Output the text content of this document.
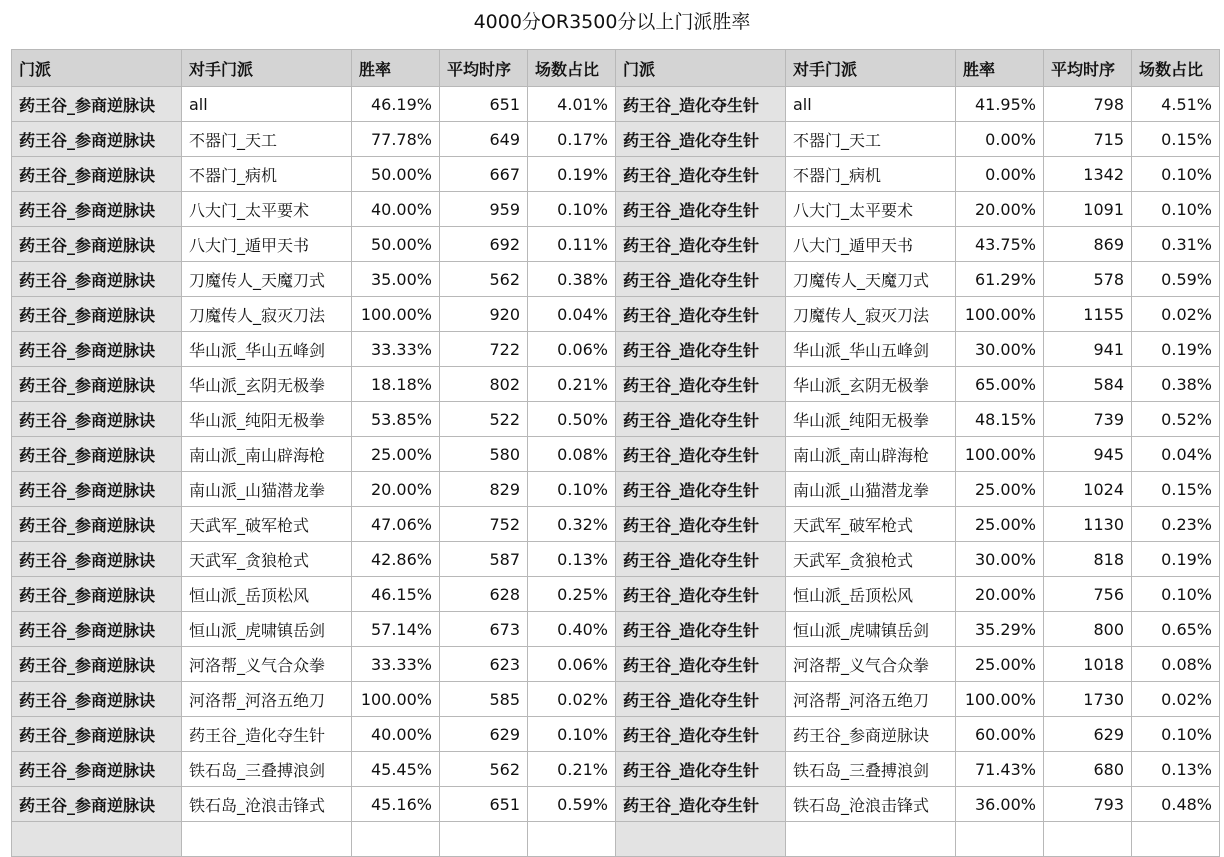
4000分OR3500分以上门派胜率
门派	对手门派	胜率	平均时序	场数占比	门派	对手门派	胜率	平均时序	场数占比
药王谷_参商逆脉诀	all	46.19%	651	4.01%	药王谷_造化夺生针	all	41.95%	798	4.51%
药王谷_参商逆脉诀	不器门_天工	77.78%	649	0.17%	药王谷_造化夺生针	不器门_天工	0.00%	715	0.15%
药王谷_参商逆脉诀	不器门_病机	50.00%	667	0.19%	药王谷_造化夺生针	不器门_病机	0.00%	1342	0.10%
药王谷_参商逆脉诀	八大门_太平要术	40.00%	959	0.10%	药王谷_造化夺生针	八大门_太平要术	20.00%	1091	0.10%
药王谷_参商逆脉诀	八大门_遁甲天书	50.00%	692	0.11%	药王谷_造化夺生针	八大门_遁甲天书	43.75%	869	0.31%
药王谷_参商逆脉诀	刀魔传人_天魔刀式	35.00%	562	0.38%	药王谷_造化夺生针	刀魔传人_天魔刀式	61.29%	578	0.59%
药王谷_参商逆脉诀	刀魔传人_寂灭刀法	100.00%	920	0.04%	药王谷_造化夺生针	刀魔传人_寂灭刀法	100.00%	1155	0.02%
药王谷_参商逆脉诀	华山派_华山五峰剑	33.33%	722	0.06%	药王谷_造化夺生针	华山派_华山五峰剑	30.00%	941	0.19%
药王谷_参商逆脉诀	华山派_玄阴无极拳	18.18%	802	0.21%	药王谷_造化夺生针	华山派_玄阴无极拳	65.00%	584	0.38%
药王谷_参商逆脉诀	华山派_纯阳无极拳	53.85%	522	0.50%	药王谷_造化夺生针	华山派_纯阳无极拳	48.15%	739	0.52%
药王谷_参商逆脉诀	南山派_南山辟海枪	25.00%	580	0.08%	药王谷_造化夺生针	南山派_南山辟海枪	100.00%	945	0.04%
药王谷_参商逆脉诀	南山派_山猫潜龙拳	20.00%	829	0.10%	药王谷_造化夺生针	南山派_山猫潜龙拳	25.00%	1024	0.15%
药王谷_参商逆脉诀	天武军_破军枪式	47.06%	752	0.32%	药王谷_造化夺生针	天武军_破军枪式	25.00%	1130	0.23%
药王谷_参商逆脉诀	天武军_贪狼枪式	42.86%	587	0.13%	药王谷_造化夺生针	天武军_贪狼枪式	30.00%	818	0.19%
药王谷_参商逆脉诀	恒山派_岳顶松风	46.15%	628	0.25%	药王谷_造化夺生针	恒山派_岳顶松风	20.00%	756	0.10%
药王谷_参商逆脉诀	恒山派_虎啸镇岳剑	57.14%	673	0.40%	药王谷_造化夺生针	恒山派_虎啸镇岳剑	35.29%	800	0.65%
药王谷_参商逆脉诀	河洛帮_义气合众拳	33.33%	623	0.06%	药王谷_造化夺生针	河洛帮_义气合众拳	25.00%	1018	0.08%
药王谷_参商逆脉诀	河洛帮_河洛五绝刀	100.00%	585	0.02%	药王谷_造化夺生针	河洛帮_河洛五绝刀	100.00%	1730	0.02%
药王谷_参商逆脉诀	药王谷_造化夺生针	40.00%	629	0.10%	药王谷_造化夺生针	药王谷_参商逆脉诀	60.00%	629	0.10%
药王谷_参商逆脉诀	铁石岛_三叠搏浪剑	45.45%	562	0.21%	药王谷_造化夺生针	铁石岛_三叠搏浪剑	71.43%	680	0.13%
药王谷_参商逆脉诀	铁石岛_沧浪击锋式	45.16%	651	0.59%	药王谷_造化夺生针	铁石岛_沧浪击锋式	36.00%	793	0.48%
